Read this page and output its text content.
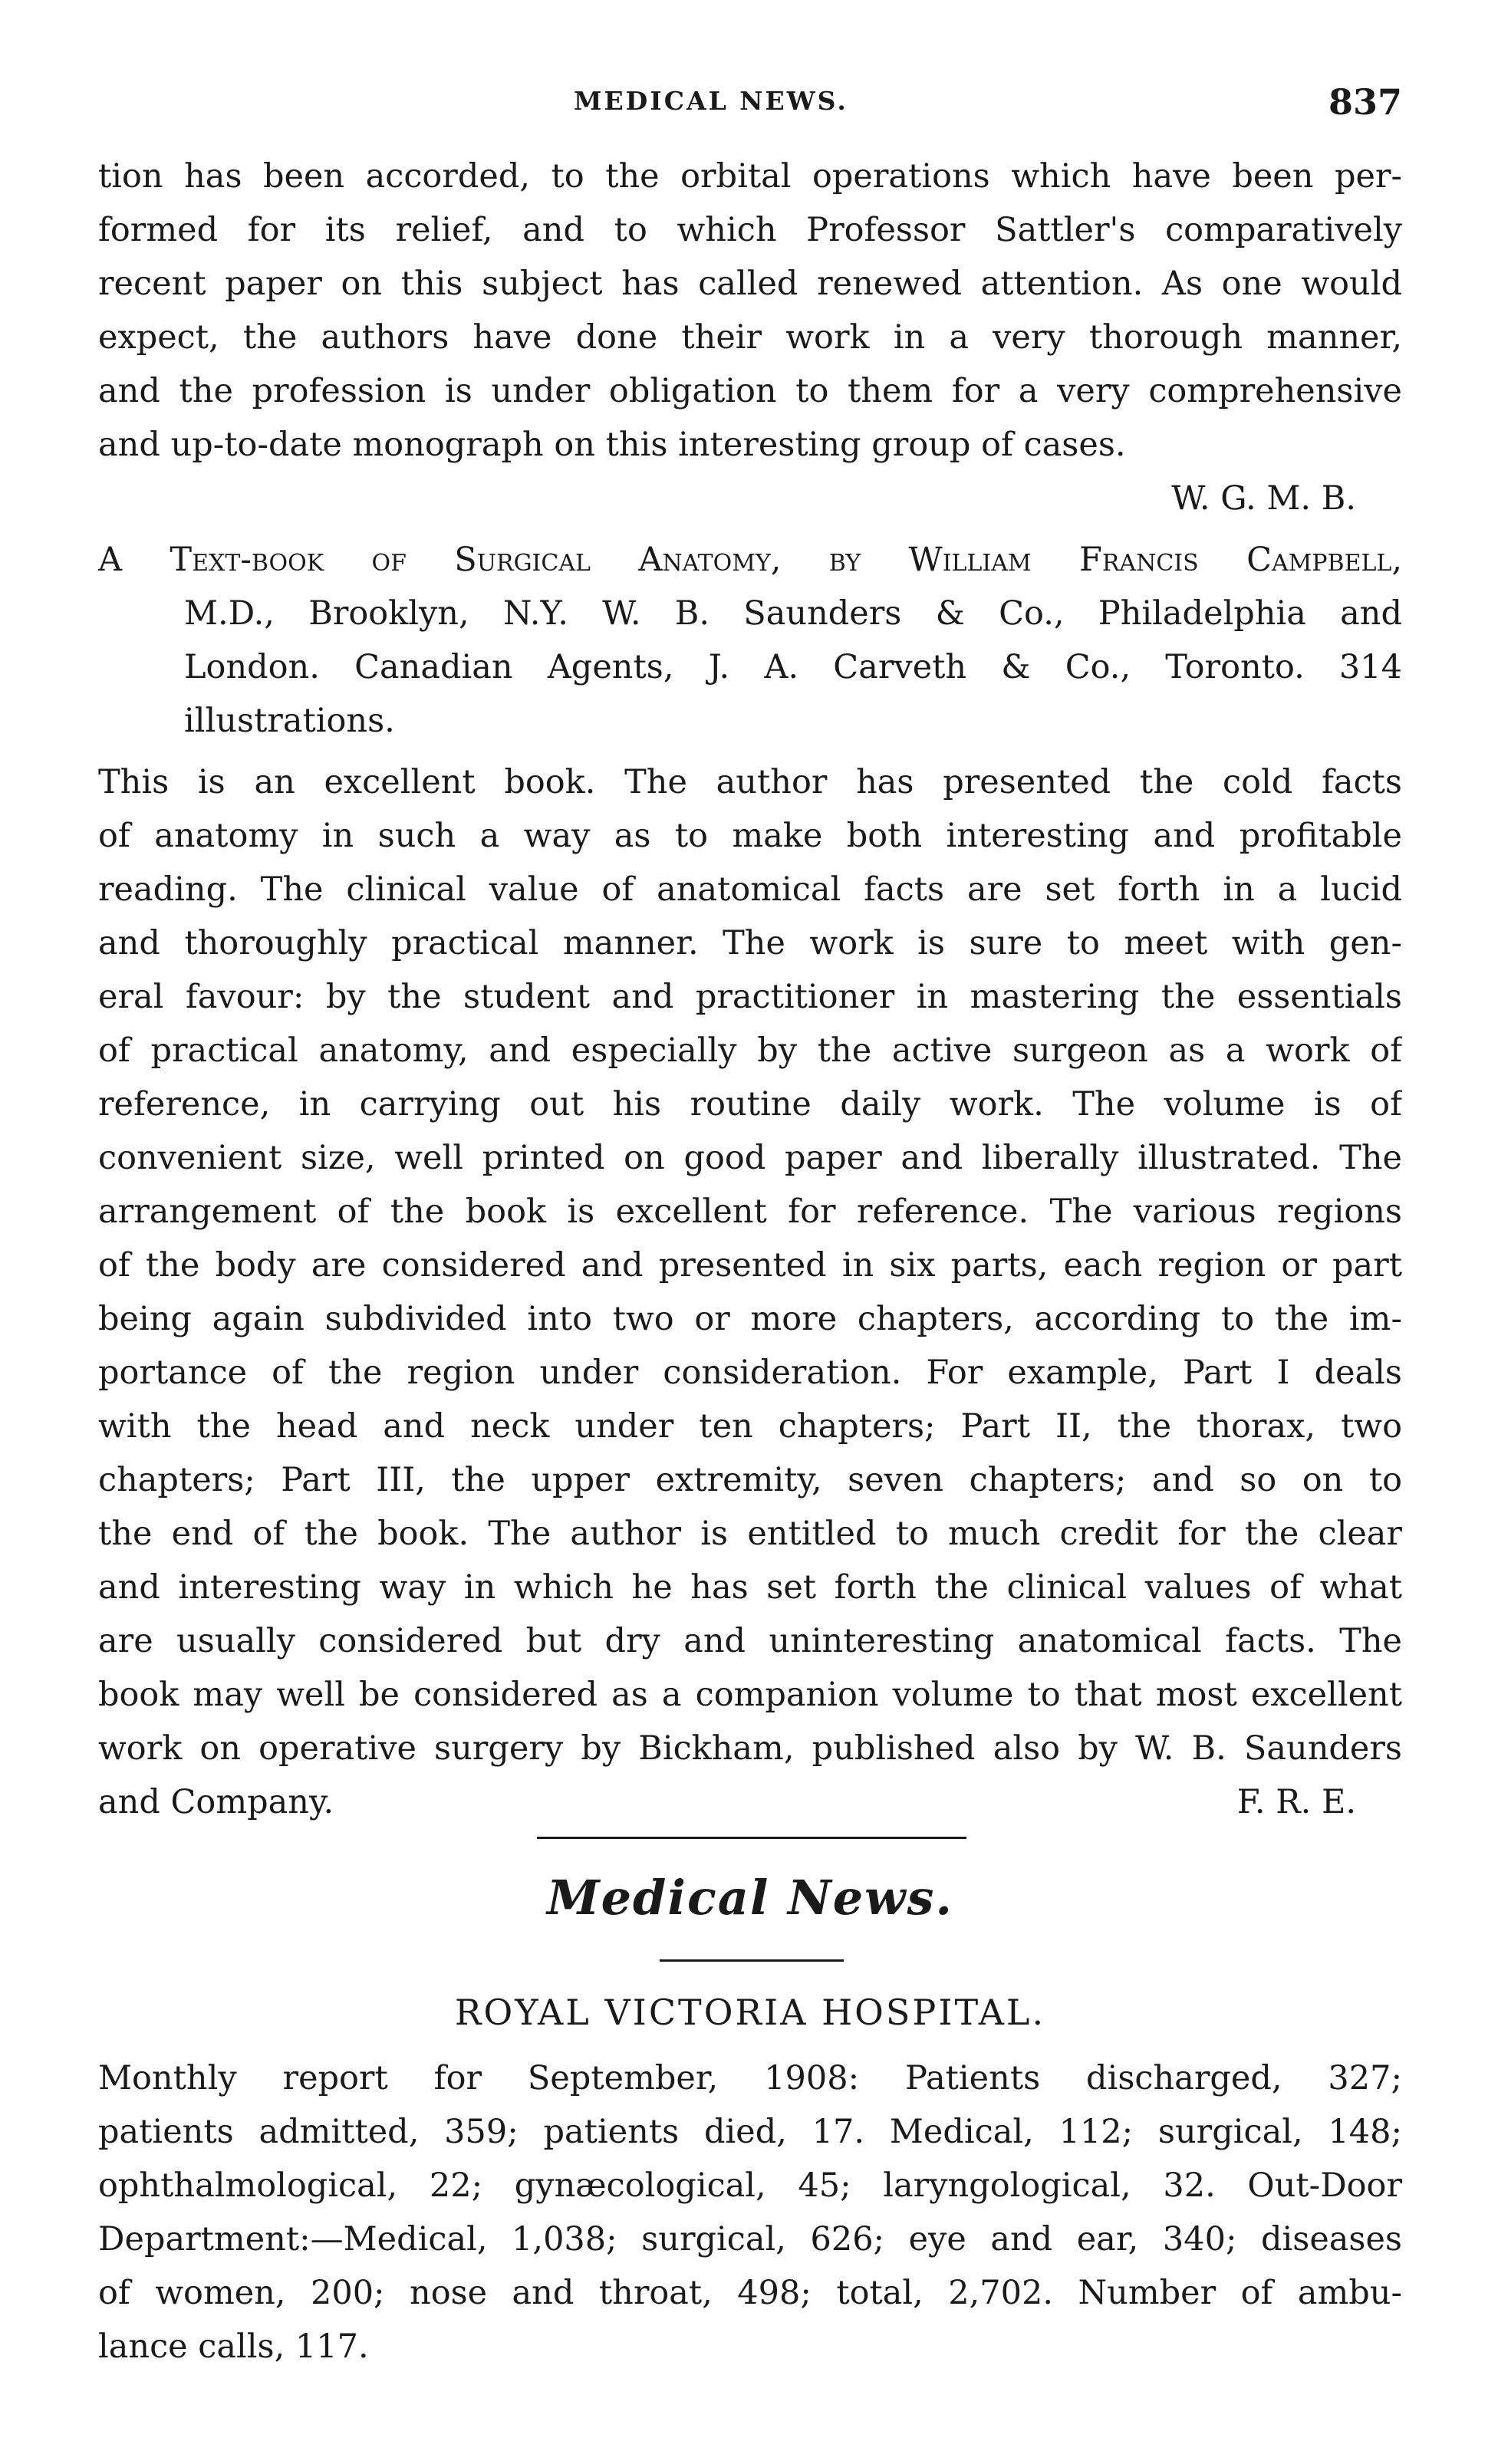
MEDICAL NEWS.	837
tion has been accorded, to the orbital operations which have been per-
formed for its relief, and to which Professor Sattler's comparatively
recent paper on this subject has called renewed attention. As one would
expect, the authors have done their work in a very thorough manner,
and the profession is under obligation to them for a very comprehensive
and up-to-date monograph on this interesting group of cases.
W. G. M. B.
A Text-book of Surgical Anatomy, by William Francis Campbell,
M.D., Brooklyn, N.Y. W. B. Saunders & Co., Philadelphia and
London. Canadian Agents, J. A. Carveth & Co., Toronto. 314
illustrations.
This is an excellent book. The author has presented the cold facts
of anatomy in such a way as to make both interesting and profitable
reading. The clinical value of anatomical facts are set forth in a lucid
and thoroughly practical manner. The work is sure to meet with gen-
eral favour: by the student and practitioner in mastering the essentials
of practical anatomy, and especially by the active surgeon as a work of
reference, in carrying out his routine daily work. The volume is of
convenient size, well printed on good paper and liberally illustrated. The
arrangement of the book is excellent for reference. The various regions
of the body are considered and presented in six parts, each region or part
being again subdivided into two or more chapters, according to the im-
portance of the region under consideration. For example, Part I deals
with the head and neck under ten chapters; Part II, the thorax, two
chapters; Part III, the upper extremity, seven chapters; and so on to
the end of the book. The author is entitled to much credit for the clear
and interesting way in which he has set forth the clinical values of what
are usually considered but dry and uninteresting anatomical facts. The
book may well be considered as a companion volume to that most excellent
work on operative surgery by Bickham, published also by W. B. Saunders
and Company.	F. R. E.
Medical News.
ROYAL VICTORIA HOSPITAL.
Monthly report for September, 1908: Patients discharged, 327;
patients admitted, 359; patients died, 17. Medical, 112; surgical, 148;
ophthalmological, 22; gynæcological, 45; laryngological, 32. Out-Door
Department:—Medical, 1,038; surgical, 626; eye and ear, 340; diseases
of women, 200; nose and throat, 498; total, 2,702. Number of ambu-
lance calls, 117.
